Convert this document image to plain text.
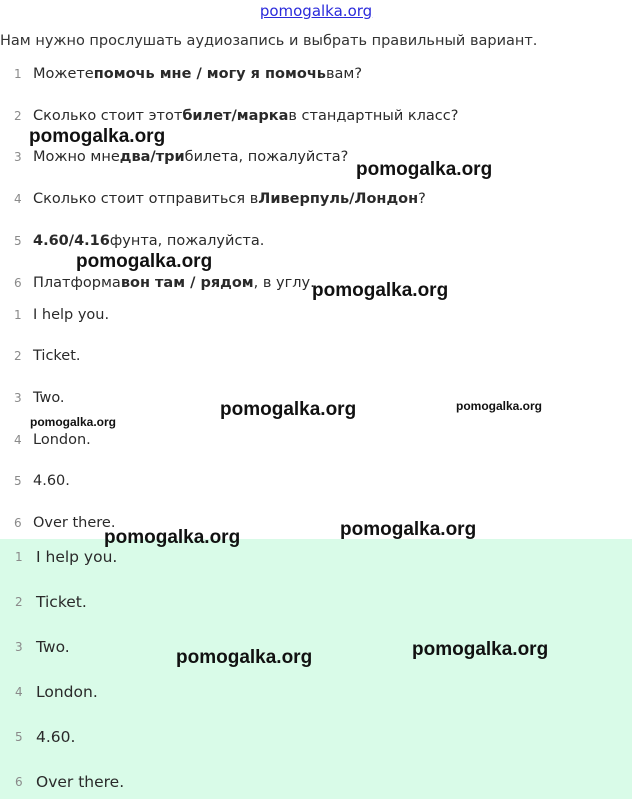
pomogalka.org
Нам нужно прослушать аудиозапись и выбрать правильный вариант.
1 Можете помочь мне / могу я помочь вам?
2 Сколько стоит этот билет/марка в стандартный класс?
3 Можно мне два/три билета, пожалуйста?
4 Сколько стоит отправиться в Ливерпуль/Лондон ?
5 4.60/4.16 фунта, пожалуйста.
6 Платформа вон там / рядом , в углу.
1 I help you.
2 Ticket.
3 Two.
4 London.
5 4.60.
6 Over there.
1 I help you.
2 Ticket.
3 Two.
4 London.
5 4.60.
6 Over there.
pomogalka.org
pomogalka.org
pomogalka.org
pomogalka.org
pomogalka.org	pomogalka.org
pomogalka.org
pomogalka.org
pomogalka.org
pomogalka.org
pomogalka.org
